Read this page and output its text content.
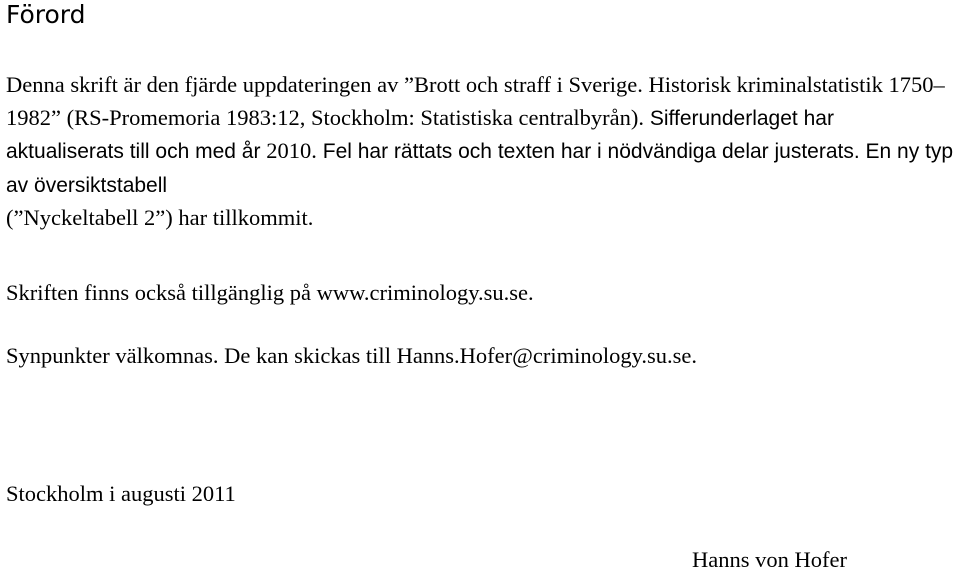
Förord

Denna skrift är den fjärde uppdateringen av ”Brott och straff i Sverige. Historisk kriminalstatistik 1750–1982” (RS-Promemoria 1983:12, Stockholm: Statistiska centralbyrån). Sifferunderlaget har aktualiserats till och med år 2010. Fel har rättats och texten har i nödvändiga delar justerats. En ny typ av översiktstabell
(”Nyckeltabell 2”) har tillkommit.

Skriften finns också tillgänglig på www.criminology.su.se.

Synpunkter välkomnas. De kan skickas till Hanns.Hofer@criminology.su.se.

Stockholm i augusti 2011

Hanns von Hofer
